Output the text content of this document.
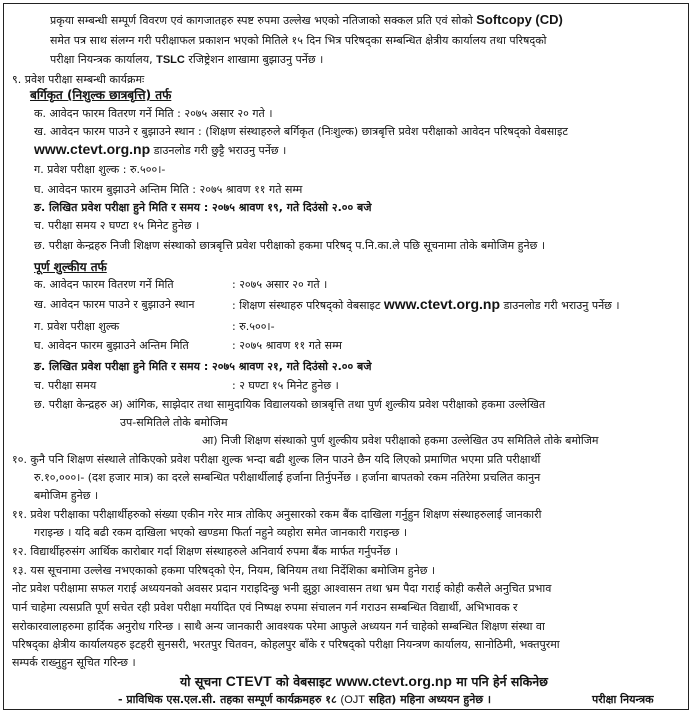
प्रकृया सम्बन्धी सम्पूर्ण विवरण एवं कागजातहरु स्पष्ट रुपमा उल्लेख भएको नतिजाको सक्कल प्रति एवं सोको Softcopy (CD)
समेत पत्र साथ संलग्न गरी परीक्षाफल प्रकाशन भएको मितिले १५ दिन भित्र परिषद्का सम्बन्धित क्षेत्रीय कार्यालय तथा परिषद्को
परीक्षा नियन्त्रक कार्यालय, TSLC रजिष्ट्रेशन शाखामा बुझाउनु पर्नेछ ।
९. प्रवेश परीक्षा सम्बन्धी कार्यक्रमः
बर्गिकृत (निशुल्क छात्रबृत्ति) तर्फ
क. आवेदन फारम वितरण गर्ने मिति : २०७५ असार २० गते ।
ख. आवेदन फारम पाउने र बुझाउने स्थान : (शिक्षण संस्थाहरुले बर्गिकृत (निःशुल्क) छात्रबृत्ति प्रवेश परीक्षाको आवेदन परिषद्को वेबसाइट
www.ctevt.org.np डाउनलोड गरी छुट्टै भराउनु पर्नेछ ।
ग. प्रवेश परीक्षा शुल्क : रु.५००।-
घ. आवेदन फारम बुझाउने अन्तिम मिति : २०७५ श्रावण ११ गते सम्म
ङ. लिखित प्रवेश परीक्षा हुने मिति र समय : २०७५ श्रावण १९, गते दिउंसो २.०० बजे
च. परीक्षा समय २ घण्टा १५ मिनेट हुनेछ ।
छ. परीक्षा केन्द्रहरु निजी शिक्षण संस्थाको छात्रबृत्ति प्रवेश परीक्षाको हकमा परिषद् प.नि.का.ले पछि सूचनामा तोके बमोजिम हुनेछ ।
पूर्ण शुल्कीय तर्फ
क. आवेदन फारम वितरण गर्ने मिति	: २०७५ असार २० गते ।
ख. आवेदन फारम पाउने र बुझाउने स्थान	: शिक्षण संस्थाहरु परिषद्को वेबसाइट www.ctevt.org.np डाउनलोड गरी भराउनु पर्नेछ ।
ग. प्रवेश परीक्षा शुल्क	: रु.५००।-
घ. आवेदन फारम बुझाउने अन्तिम मिति	: २०७५ श्रावण ११ गते सम्म
ङ. लिखित प्रवेश परीक्षा हुने मिति र समय : २०७५ श्रावण २१, गते दिउंसो २.०० बजे
च. परीक्षा समय	: २ घण्टा १५ मिनेट हुनेछ ।
छ. परीक्षा केन्द्रहरु अ) आंगिक, साझेदार तथा सामुदायिक विद्यालयको छात्रबृत्ति तथा पुर्ण शुल्कीय प्रवेश परीक्षाको हकमा उल्लेखित
उप-समितिले तोके बमोजिम
आ) निजी शिक्षण संस्थाको पुर्ण शुल्कीय प्रवेश परीक्षाको हकमा उल्लेखित उप समितिले तोके बमोजिम
१०. कुनै पनि शिक्षण संस्थाले तोकिएको प्रवेश परीक्षा शुल्क भन्दा बढी शुल्क लिन पाउने छैन यदि लिएको प्रमाणित भएमा प्रति परीक्षार्थी
रु.१०,०००।- (दश हजार मात्र) का दरले सम्बन्धित परीक्षार्थीलाई हर्जाना तिर्नुपर्नेछ । हर्जाना बापतको रकम नतिरेमा प्रचलित कानुन
बमोजिम हुनेछ ।
११. प्रवेश परीक्षाका परीक्षार्थीहरुको संख्या एकीन गरेर मात्र तोकिए अनुसारको रकम बैंक दाखिला गर्नुहुन शिक्षण संस्थाहरुलाई जानकारी
गराइन्छ । यदि बढी रकम दाखिला भएको खण्डमा फिर्ता नहुने व्यहोरा समेत जानकारी गराइन्छ ।
१२. विद्यार्थीहरुसंग आर्थिक कारोबार गर्दा शिक्षण संस्थाहरुले अनिवार्य रुपमा बैंक मार्फत गर्नुपर्नेछ ।
१३. यस सूचनामा उल्लेख नभएकाको हकमा परिषद्को ऐन, नियम, बिनियम तथा निर्देशिका बमोजिम हुनेछ ।
नोट प्रवेश परीक्षामा सफल गराई अध्ययनको अवसर प्रदान गराइदिन्छु भनी झुठ्ठा आश्वासन तथा भ्रम पैदा गराई कोही कसैले अनुचित प्रभाव
पार्न चाहेमा त्यसप्रति पूर्ण सचेत रही प्रवेश परीक्षा मर्यादित एवं निष्पक्ष रुपमा संचालन गर्न गराउन सम्बन्धित विद्यार्थी, अभिभावक र
सरोकारवालाहरुमा हार्दिक अनुरोध गरिन्छ । साथै अन्य जानकारी आवश्यक परेमा आफुले अध्ययन गर्न चाहेको सम्बन्धित शिक्षण संस्था वा
परिषद्का क्षेत्रीय कार्यालयहरु इटहरी सुनसरी, भरतपुर चितवन, कोहलपुर बाँके र परिषद्को परीक्षा नियन्त्रण कार्यालय, सानोठिमी, भक्तपुरमा
सम्पर्क राख्नुहुन सूचित गरिन्छ ।
यो सूचना CTEVT को वेबसाइट www.ctevt.org.np मा पनि हेर्न सकिनेछ
- प्राविधिक एस.एल.सी. तहका सम्पूर्ण कार्यक्रमहरु १८ (OJT सहित) महिना अध्ययन हुनेछ ।	परीक्षा नियन्त्रक
